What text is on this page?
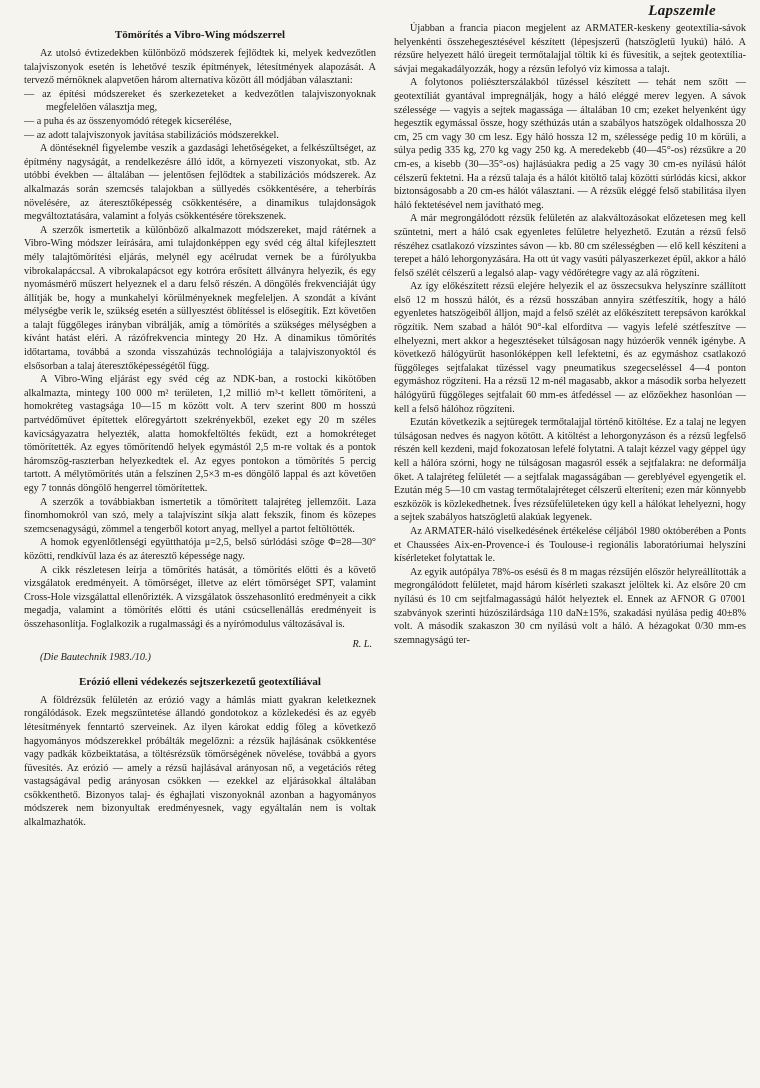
Lapszemle
Tömörítés a Vibro-Wing módszerrel

Az utolsó évtizedekben különböző módszerek fejlődtek ki, melyek kedvezőtlen talajviszonyok esetén is lehetővé teszik építmények, létesítmények alapozását. A tervező mérnöknek alapvetően három alternatíva között áll módjában választani:

— az építési módszereket és szerkezeteket a kedvezőtlen talajviszonyoknak megfelelően választja meg,
— a puha és az összenyomódó rétegek kicserélése,
— az adott talajviszonyok javítása stabilizációs módszerekkel.

A döntéseknél figyelembe veszik a gazdasági lehetőségeket, a felkészültséget, az építmény nagyságát, a rendelkezésre álló időt, a környezeti viszonyokat, stb. Az utóbbi években — általában — jelentősen fejlődtek a stabilizációs módszerek. Az alkalmazás során szemcsés talajokban a süllyedés csökkentésére, a teherbírás növelésére, az áteresztőképesség csökkentésére, a dinamikus tulajdonságok megváltoztatására, valamint a folyás csökkentésére törekszenek.

A szerzők ismertetik a különböző alkalmazott módszereket, majd rátérnek a Vibro-Wing módszer leírására, ami tulajdonképpen egy svéd cég által kifejlesztett mély talajtömörítési eljárás, melynél egy acélrudat vernek be a fúrólyukba vibrokalapáccsal. A vibrokalapácsot egy kotróra erősített állványra helyezik, és egy nyomásmérő műszert helyeznek el a daru felső részén. A döngölés frekvenciáját úgy állítják be, hogy a munkahelyi körülményeknek megfeleljen. A szondát a kívánt mélységbe verik le, szükség esetén a süllyesztést öblítéssel is elősegítik. Ezt követően a talajt függőleges irányban vibrálják, amíg a tömörítés a szükséges mélységben a kívánt hatást eléri. A rázófrekvencia mintegy 20 Hz. A dinamikus tömörítés időtartama, továbbá a szonda visszahúzás technológiája a talajviszonyoktól és elsősorban a talaj áteresztőképességétől függ.

A Vibro-Wing eljárást egy svéd cég az NDK-ban, a rostocki kikötőben alkalmazta, mintegy 100 000 m² területen, 1,2 millió m³-t kellett tömöríteni, a homokréteg vastagsága 10—15 m között volt. A terv szerint 800 m hosszú partvédőművet építettek előregyártott szekrényekből, ezeket egy 20 m széles kavicságyazatra helyezték, alatta homokfeltöltés feküdt, ezt a homokréteget tömörítették. Az egyes tömörítendő helyek egymástól 2,5 m-re voltak és a pontok háromszög-raszterban helyezkedtek el. Az egyes pontokon a tömörítés 5 percig tartott. A mélytömörítés után a felszínen 2,5×3 m-es döngölő lappal és azt követően egy 7 tonnás döngölő hengerrel tömörítettek.

A szerzők a továbbiakban ismertetik a tömörített talajréteg jellemzőit. Laza finomhomokról van szó, mely a talajvíszint síkja alatt fekszik, finom és közepes szemcsenagyságú, zömmel a tengerből kotort anyag, mellyel a partot feltöltötték.

A homok egyenlőtlenségi együtthatója μ=2,5, belső súrlódási szöge Φ=28—30° közötti, rendkívül laza és az áteresztő képessége nagy.

A cikk részletesen leírja a tömörítés hatását, a tömörítés előtti és a követő vizsgálatok eredményeit. A tömörséget, illetve az elért tömörséget SPT, valamint Cross-Hole vizsgálattal ellenőrizték. A vizsgálatok összehasonlító eredményeit a cikk megadja, valamint a tömörítés előtti és utáni csúcsellenállás eredményeit is összehasonlítja. Foglalkozik a rugalmassági és a nyírómodulus változásával is.

R. L.

(Die Bautechnik 1983./10.)

Erózió elleni védekezés sejtszerkezetű geotextíliával

A földrézsűk felületén az erózió vagy a hámlás miatt gyakran keletkeznek rongálódások. Ezek megszüntetése állandó gondotokoz a közlekedési és az egyéb létesítmények fenntartó szerveinek. Az ilyen károkat eddig főleg a következő hagyományos módszerekkel próbálták megelőzni: a rézsűk hajlásának csökkentése vagy padkák közbeiktatása, a töltésrézsűk tömörségének növelése, továbbá a gyors füvesítés. Az erózió — amely a rézsű hajlásával arányosan nő, a vegetációs réteg vastagságával pedig arányosan csökken — ezekkel az eljárásokkal általában csökkenthető. Bizonyos talaj- és éghajlati viszonyoknál azonban a hagyományos módszerek nem bizonyultak eredményesnek, vagy egyáltalán nem is voltak alkalmazhatók.

Újabban a francia piacon megjelent az ARMATER-keskeny geotextília-sávok helyenkénti összehegesztésével készített (lépesjszerű (hatszögletű lyukú) háló. A rézsűre helyezett háló üregeit termőtalajjal töltik ki és füvesítik, a sejtek geotextília-sávjai megakadályozzák, hogy a rézsűn lefolyó víz kimossa a talajt.

A folytonos poliészterszálakból tűzéssel készített — tehát nem szőtt — geotextíliát gyantával impregnálják, hogy a háló eléggé merev legyen. A sávok szélessége — vagyis a sejtek magassága — általában 10 cm; ezeket helyenként úgy hegesztik egymással össze, hogy széthúzás után a szabályos hatszögek oldalhossza 20 cm, 25 cm vagy 30 cm lesz. Egy háló hossza 12 m, szélessége pedig 10 m körüli, a súlya pedig 335 kg, 270 kg vagy 250 kg. A meredekebb (40—45°-os) rézsűkre a 20 cm-es, a kisebb (30—35°-os) hajlásúakra pedig a 25 vagy 30 cm-es nyílású hálót célszerű fektetni. Ha a rézsű talaja és a hálót kitöltő talaj közötti súrlódás kicsi, akkor biztonságosabb a 20 cm-es hálót választani. — A rézsűk eléggé felső stabilitása ilyen háló fektetésével nem javítható meg.

A már megrongálódott rézsűk felületén az alakváltozásokat előzetesen meg kell szüntetni, mert a háló csak egyenletes felületre helyezhető. Ezután a rézsű felső részéhez csatlakozó vízszintes sávon — kb. 80 cm szélességben — elő kell készíteni a terepet a háló lehorgonyzására. Ha ott út vagy vasúti pályaszerkezet épül, akkor a háló felső szélét célszerű a legalsó alap- vagy védőrétegre vagy az alá rögzíteni.

Az így előkészített rézsű elejére helyezik el az összecsukva helyszínre szállított első 12 m hosszú hálót, és a rézsű hosszában annyira szétfeszítik, hogy a háló egyenletes hatszögeiből álljon, majd a felső szélét az előkészített terepsávon karókkal rögzítik. Nem szabad a hálót 90°-kal elfordítva — vagyis lefelé szétfeszítve — elhelyezni, mert akkor a hegesztéseket túlságosan nagy húzóerők vennék igénybe. A következő hálógyűrűt hasonlóképpen kell lefektetni, és az egymáshoz csatlakozó függőleges sejtfalakat tűzéssel vagy pneumatikus szegecseléssel 4—4 ponton egymáshoz rögzíteni. Ha a rézsű 12 m-nél magasabb, akkor a második sorba helyezett hálógyűrű függőleges sejtfalait 60 mm-es átfedéssel — az előzőekhez hasonlóan — kell a felső hálóhoz rögzíteni.

Ezután következik a sejtüregek termőtalajjal történő kitöltése. Ez a talaj ne legyen túlságosan nedves és nagyon kötött. A kitöltést a lehorgonyzáson és a rézsű legfelső részén kell kezdeni, majd fokozatosan lefelé folytatni. A talajt kézzel vagy géppel úgy kell a hálóra szórni, hogy ne túlságosan magasról essék a sejtfalakra: ne deformálja őket. A talajréteg felületét — a sejtfalak magasságában — gereblyével egyengetik el. Ezután még 5—10 cm vastag termőtalajréteget célszerű elteríteni; ezen már könnyebb eszközök is közlekedhetnek. Íves rézsűfelületeken úgy kell a hálókat lehelyezni, hogy a sejtek szabályos hatszögletű alakúak legyenek.

Az ARMATER-háló viselkedésének értékelése céljából 1980 októberében a Ponts et Chaussées Aix-en-Provence-i és Toulouse-i regionális laboratóriumai helyszíni kísérleteket folytattak le.

Az egyik autópálya 78%-os esésű és 8 m magas rézsűjén először helyreállították a megrongálódott felületet, majd három kísérleti szakaszt jelöltek ki. Az elsőre 20 cm nyílású és 10 cm sejtfalmagasságú hálót helyeztek el. Ennek az AFNOR G 07001 szabványok szerinti húzószilárdsága 110 daN±15%, szakadási nyúlása pedig 40±8% volt. A második szakaszon 30 cm nyílású volt a háló. A hézagokat 0/30 mm-es szemnagyságú ter-
